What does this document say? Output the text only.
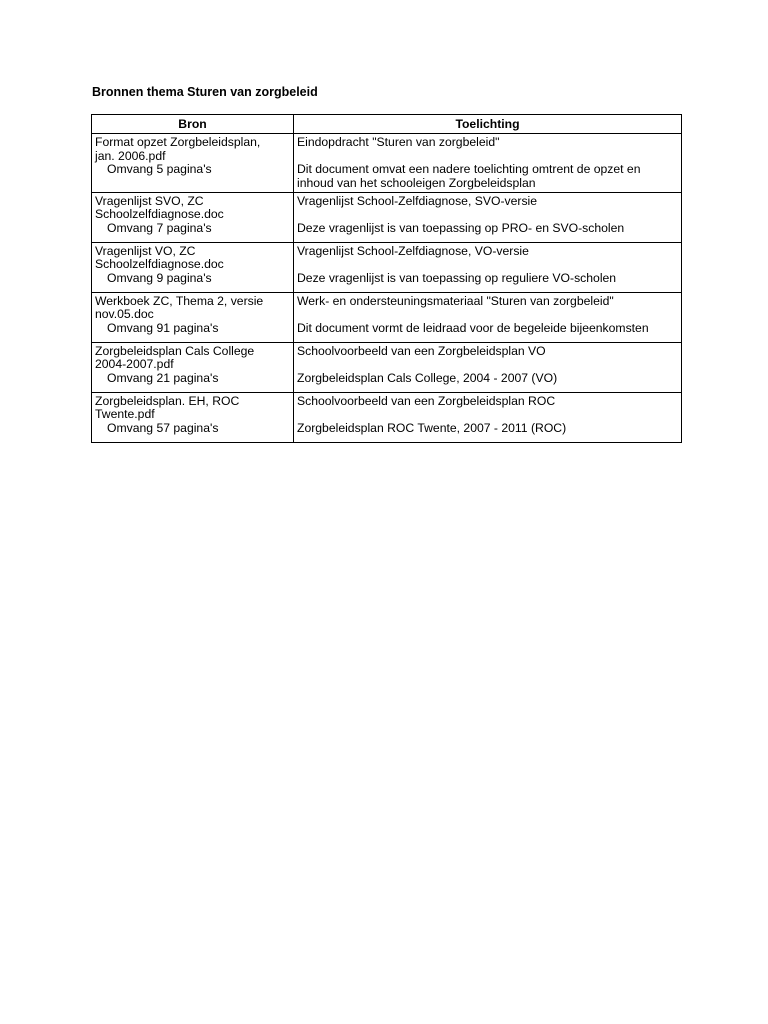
Bronnen thema Sturen van zorgbeleid
Bron	Toelichting

Format opzet Zorgbeleidsplan,
jan. 2006.pdf
Omvang 5 pagina's	Eindopdracht "Sturen van zorgbeleid"
Dit document omvat een nadere toelichting omtrent de opzet en
inhoud van het schooleigen Zorgbeleidsplan

Vragenlijst SVO, ZC
Schoolzelfdiagnose.doc
Omvang 7 pagina's	Vragenlijst School-Zelfdiagnose, SVO-versie
Deze vragenlijst is van toepassing op PRO- en SVO-scholen

Vragenlijst VO, ZC
Schoolzelfdiagnose.doc
Omvang 9 pagina's	Vragenlijst School-Zelfdiagnose, VO-versie
Deze vragenlijst is van toepassing op reguliere VO-scholen

Werkboek ZC, Thema 2, versie
nov.05.doc
Omvang 91 pagina's	Werk- en ondersteuningsmateriaal "Sturen van zorgbeleid"
Dit document vormt de leidraad voor de begeleide bijeenkomsten

Zorgbeleidsplan Cals College
2004-2007.pdf
Omvang 21 pagina's	Schoolvoorbeeld van een Zorgbeleidsplan VO
Zorgbeleidsplan Cals College, 2004 - 2007 (VO)

Zorgbeleidsplan. EH, ROC
Twente.pdf
Omvang 57 pagina's	Schoolvoorbeeld van een Zorgbeleidsplan ROC
Zorgbeleidsplan ROC Twente, 2007 - 2011 (ROC)
